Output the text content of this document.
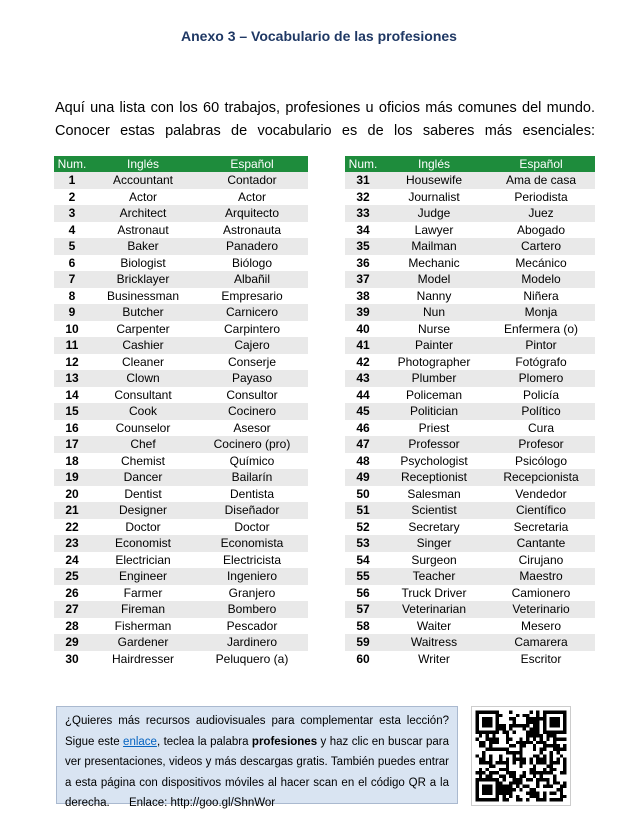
Anexo 3 – Vocabulario de las profesiones
Aquí una lista con los 60 trabajos, profesiones u oficios más comunes del mundo. Conocer estas palabras de vocabulario es de los saberes más esenciales:
Num.	Inglés	Español
1	Accountant	Contador
2	Actor	Actor
3	Architect	Arquitecto
4	Astronaut	Astronauta
5	Baker	Panadero
6	Biologist	Biólogo
7	Bricklayer	Albañil
8	Businessman	Empresario
9	Butcher	Carnicero
10	Carpenter	Carpintero
11	Cashier	Cajero
12	Cleaner	Conserje
13	Clown	Payaso
14	Consultant	Consultor
15	Cook	Cocinero
16	Counselor	Asesor
17	Chef	Cocinero (pro)
18	Chemist	Químico
19	Dancer	Bailarín
20	Dentist	Dentista
21	Designer	Diseñador
22	Doctor	Doctor
23	Economist	Economista
24	Electrician	Electricista
25	Engineer	Ingeniero
26	Farmer	Granjero
27	Fireman	Bombero
28	Fisherman	Pescador
29	Gardener	Jardinero
30	Hairdresser	Peluquero (a)
Num.	Inglés	Español
31	Housewife	Ama de casa
32	Journalist	Periodista
33	Judge	Juez
34	Lawyer	Abogado
35	Mailman	Cartero
36	Mechanic	Mecánico
37	Model	Modelo
38	Nanny	Niñera
39	Nun	Monja
40	Nurse	Enfermera (o)
41	Painter	Pintor
42	Photographer	Fotógrafo
43	Plumber	Plomero
44	Policeman	Policía
45	Politician	Político
46	Priest	Cura
47	Professor	Profesor
48	Psychologist	Psicólogo
49	Receptionist	Recepcionista
50	Salesman	Vendedor
51	Scientist	Científico
52	Secretary	Secretaria
53	Singer	Cantante
54	Surgeon	Cirujano
55	Teacher	Maestro
56	Truck Driver	Camionero
57	Veterinarian	Veterinario
58	Waiter	Mesero
59	Waitress	Camarera
60	Writer	Escritor
¿Quieres más recursos audiovisuales para complementar esta lección? Sigue este enlace, teclea la palabra profesiones y haz clic en buscar para ver presentaciones, videos y más descargas gratis. También puedes entrar a esta página con dispositivos móviles al hacer scan en el código QR a la derecha. Enlace: http://goo.gl/ShnWor
